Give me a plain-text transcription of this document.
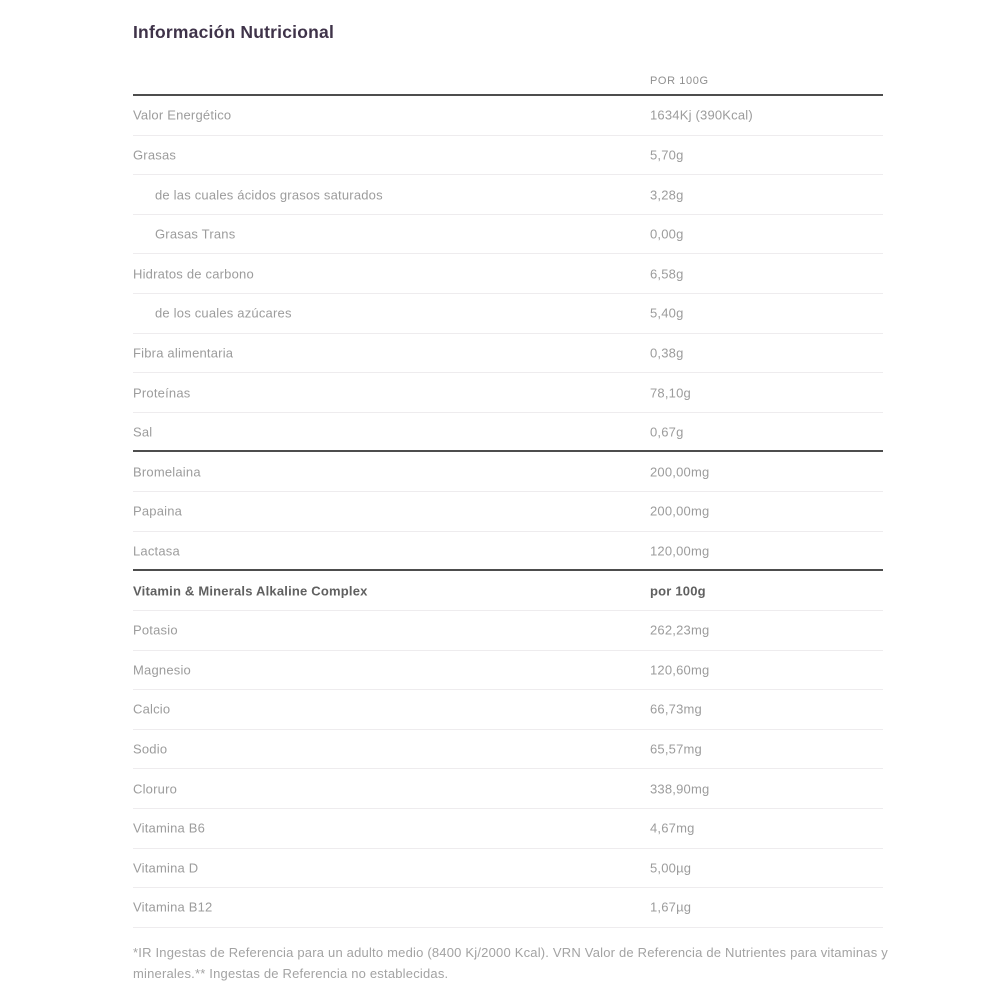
Información Nutricional
POR 100G
Valor Energético	1634Kj (390Kcal)
Grasas	5,70g
de las cuales ácidos grasos saturados	3,28g
Grasas Trans	0,00g
Hidratos de carbono	6,58g
de los cuales azúcares	5,40g
Fibra alimentaria	0,38g
Proteínas	78,10g
Sal	0,67g
Bromelaina	200,00mg
Papaina	200,00mg
Lactasa	120,00mg
Vitamin & Minerals Alkaline Complex	por 100g
Potasio	262,23mg
Magnesio	120,60mg
Calcio	66,73mg
Sodio	65,57mg
Cloruro	338,90mg
Vitamina B6	4,67mg
Vitamina D	5,00µg
Vitamina B12	1,67µg

*IR Ingestas de Referencia para un adulto medio (8400 Kj/2000 Kcal). VRN Valor de Referencia de Nutrientes para vitaminas y minerales.** Ingestas de Referencia no establecidas.
